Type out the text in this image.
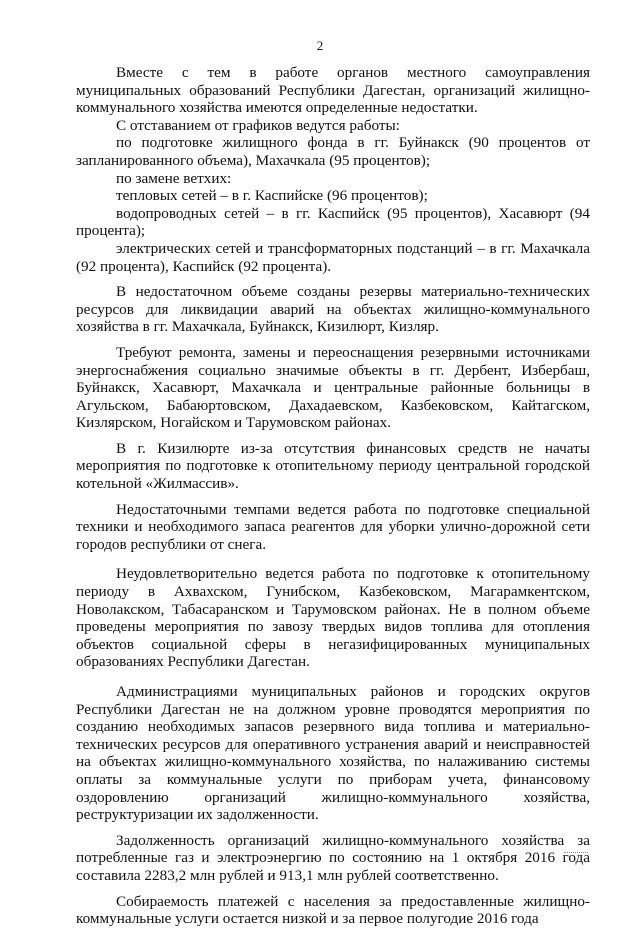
2

Вместе с тем в работе органов местного самоуправления муниципальных образований Республики Дагестан, организаций жилищно-коммунального хозяйства имеются определенные недостатки.

С отставанием от графиков ведутся работы:

по подготовке жилищного фонда в гг. Буйнакск (90 процентов от запланированного объема), Махачкала (95 процентов);

по замене ветхих:

тепловых сетей – в г. Каспийске (96 процентов);

водопроводных сетей – в гг. Каспийск (95 процентов), Хасавюрт (94 процента);

электрических сетей и трансформаторных подстанций – в гг. Махачкала (92 процента), Каспийск (92 процента).

В недостаточном объеме созданы резервы материально-технических ресурсов для ликвидации аварий на объектах жилищно-коммунального хозяйства в гг. Махачкала, Буйнакск, Кизилюрт, Кизляр.

Требуют ремонта, замены и переоснащения резервными источниками энергоснабжения социально значимые объекты в гг. Дербент, Избербаш, Буйнакск, Хасавюрт, Махачкала и центральные районные больницы в Агульском, Бабаюртовском, Дахадаевском, Казбековском, Кайтагском, Кизлярском, Ногайском и Тарумовском районах.

В г. Кизилюрте из-за отсутствия финансовых средств не начаты мероприятия по подготовке к отопительному периоду центральной городской котельной «Жилмассив».

Недостаточными темпами ведется работа по подготовке специальной техники и необходимого запаса реагентов для уборки улично-дорожной сети городов республики от снега.

Неудовлетворительно ведется работа по подготовке к отопительному периоду в Ахвахском, Гунибском, Казбековском, Магарамкентском, Новолакском, Табасаранском и Тарумовском районах. Не в полном объеме проведены мероприятия по завозу твердых видов топлива для отопления объектов социальной сферы в негазифицированных муниципальных образованиях Республики Дагестан.

Администрациями муниципальных районов и городских округов Республики Дагестан не на должном уровне проводятся мероприятия по созданию необходимых запасов резервного вида топлива и материально-технических ресурсов для оперативного устранения аварий и неисправностей на объектах жилищно-коммунального хозяйства, по налаживанию системы оплаты за коммунальные услуги по приборам учета, финансовому оздоровлению организаций жилищно-коммунального хозяйства, реструктуризации их задолженности.

Задолженность организаций жилищно-коммунального хозяйства за потребленные газ и электроэнергию по состоянию на 1 октября 2016 года составила 2283,2 млн рублей и 913,1 млн рублей соответственно.

Собираемость платежей с населения за предоставленные жилищно-коммунальные услуги остается низкой и за первое полугодие 2016 года
